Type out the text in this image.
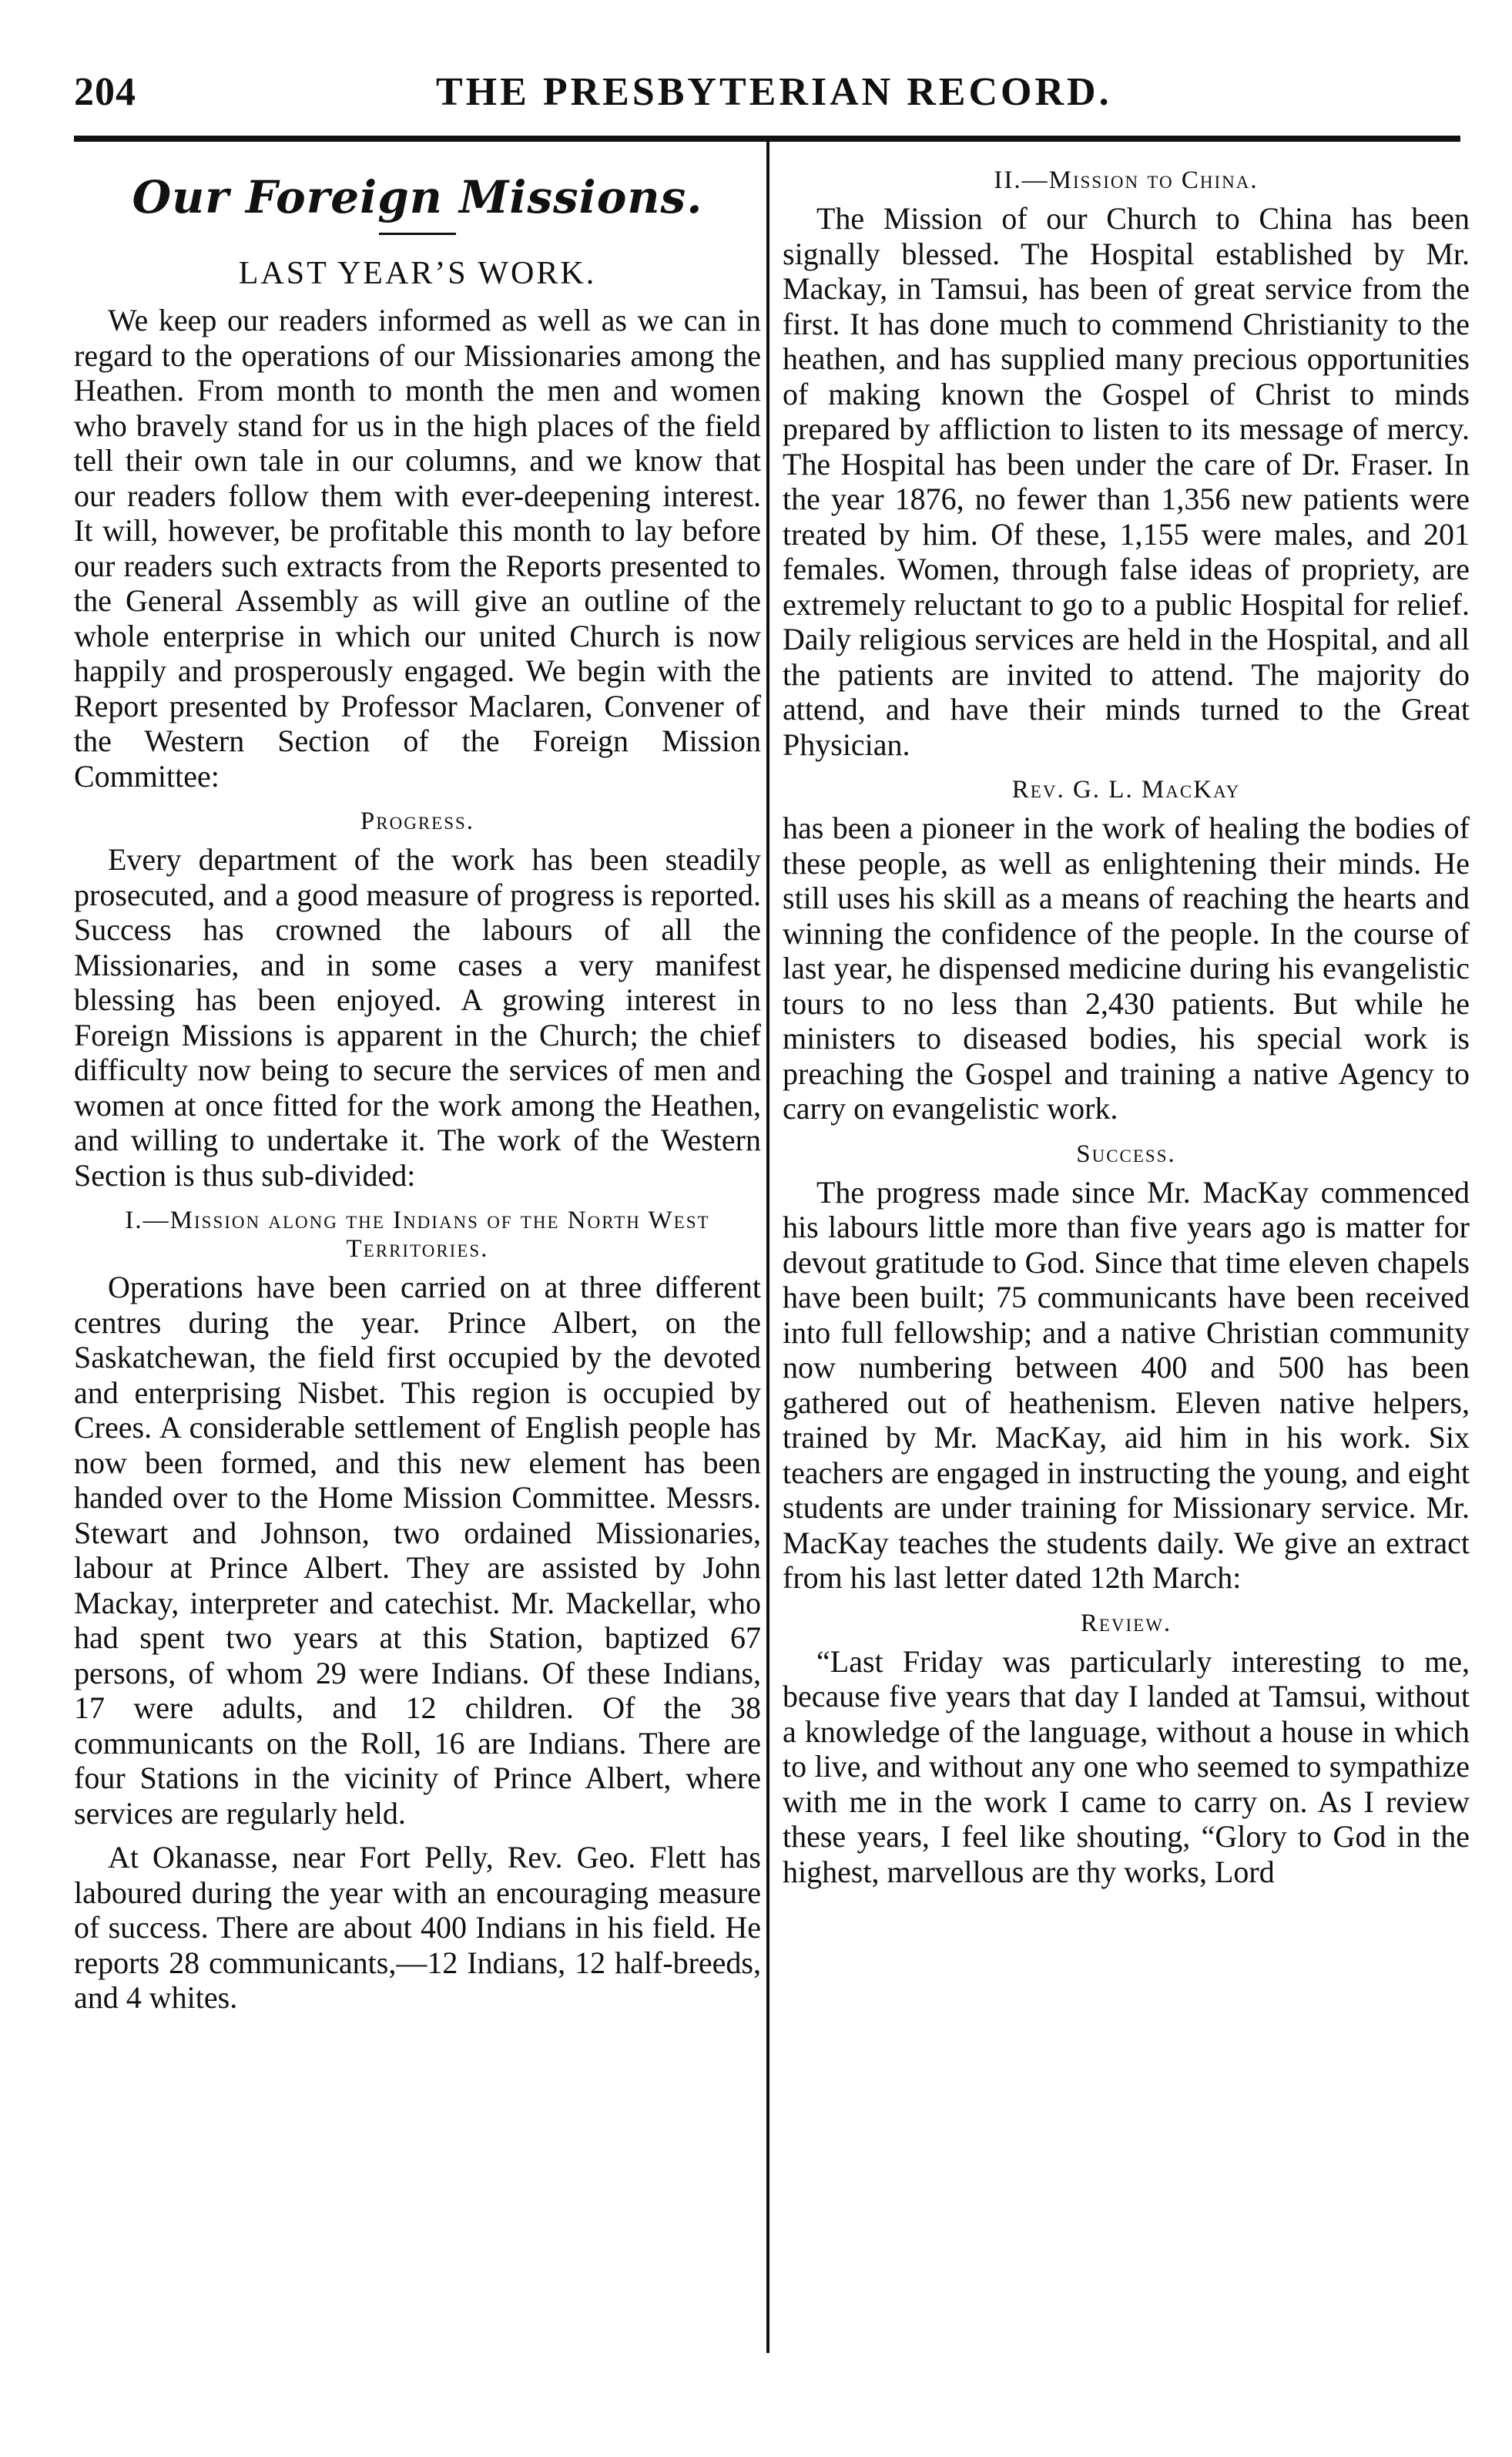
204	THE PRESBYTERIAN RECORD.
Our Foreign Missions.
LAST YEAR’S WORK.

We keep our readers informed as well as we can in regard to the operations of our Missionaries among the Heathen. From month to month the men and women who bravely stand for us in the high places of the field tell their own tale in our columns, and we know that our readers follow them with ever-deepening interest. It will, however, be profitable this month to lay before our readers such extracts from the Reports presented to the General Assembly as will give an outline of the whole enterprise in which our united Church is now happily and prosperously engaged. We begin with the Report presented by Professor Maclaren, Convener of the Western Section of the Foreign Mission Committee:

Progress.

Every department of the work has been steadily prosecuted, and a good measure of progress is reported. Success has crowned the labours of all the Missionaries, and in some cases a very manifest blessing has been enjoyed. A growing interest in Foreign Missions is apparent in the Church; the chief difficulty now being to secure the services of men and women at once fitted for the work among the Heathen, and willing to undertake it. The work of the Western Section is thus sub-divided:

I.—Mission along the Indians of the North West Territories.

Operations have been carried on at three different centres during the year. Prince Albert, on the Saskatchewan, the field first occupied by the devoted and enterprising Nisbet. This region is occupied by Crees. A considerable settlement of English people has now been formed, and this new element has been handed over to the Home Mission Committee. Messrs. Stewart and Johnson, two ordained Missionaries, labour at Prince Albert. They are assisted by John Mackay, interpreter and catechist. Mr. Mackellar, who had spent two years at this Station, baptized 67 persons, of whom 29 were Indians. Of these Indians, 17 were adults, and 12 children. Of the 38 communicants on the Roll, 16 are Indians. There are four Stations in the vicinity of Prince Albert, where services are regularly held.

At Okanasse, near Fort Pelly, Rev. Geo. Flett has laboured during the year with an encouraging measure of success. There are about 400 Indians in his field. He reports 28 communicants,—12 Indians, 12 half-breeds, and 4 whites.

II.—Mission to China.

The Mission of our Church to China has been signally blessed. The Hospital established by Mr. Mackay, in Tamsui, has been of great service from the first. It has done much to commend Christianity to the heathen, and has supplied many precious opportunities of making known the Gospel of Christ to minds prepared by affliction to listen to its message of mercy. The Hospital has been under the care of Dr. Fraser. In the year 1876, no fewer than 1,356 new patients were treated by him. Of these, 1,155 were males, and 201 females. Women, through false ideas of propriety, are extremely reluctant to go to a public Hospital for relief. Daily religious services are held in the Hospital, and all the patients are invited to attend. The majority do attend, and have their minds turned to the Great Physician.

Rev. G. L. MacKay

has been a pioneer in the work of healing the bodies of these people, as well as enlightening their minds. He still uses his skill as a means of reaching the hearts and winning the confidence of the people. In the course of last year, he dispensed medicine during his evangelistic tours to no less than 2,430 patients. But while he ministers to diseased bodies, his special work is preaching the Gospel and training a native Agency to carry on evangelistic work.

Success.

The progress made since Mr. MacKay commenced his labours little more than five years ago is matter for devout gratitude to God. Since that time eleven chapels have been built; 75 communicants have been received into full fellowship; and a native Christian community now numbering between 400 and 500 has been gathered out of heathenism. Eleven native helpers, trained by Mr. MacKay, aid him in his work. Six teachers are engaged in instructing the young, and eight students are under training for Missionary service. Mr. MacKay teaches the students daily. We give an extract from his last letter dated 12th March:

Review.

“Last Friday was particularly interesting to me, because five years that day I landed at Tamsui, without a knowledge of the language, without a house in which to live, and without any one who seemed to sympathize with me in the work I came to carry on. As I review these years, I feel like shouting, “Glory to God in the highest, marvellous are thy works, Lord
